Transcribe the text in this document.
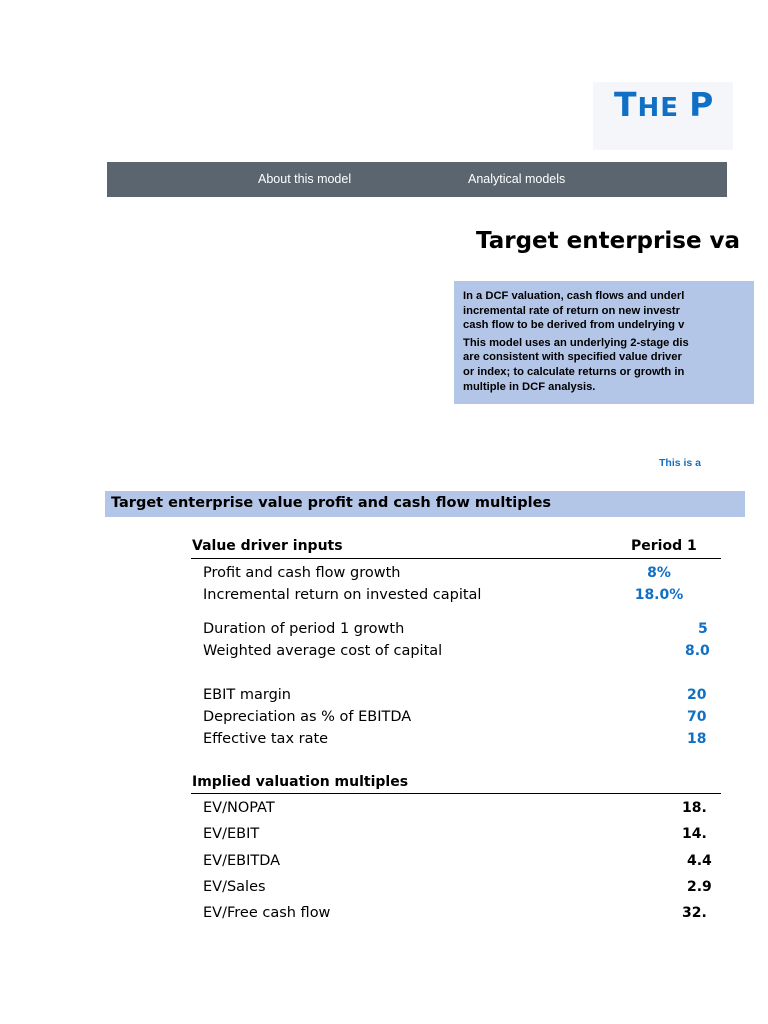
THE P
About this model	Analytical models
Target enterprise va

In a DCF valuation, cash flows and underl

incremental rate of return on new investr

cash flow to be derived from undelrying v

This model uses an underlying 2-stage dis

are consistent with specified value driver

or index; to calculate returns or growth in

multiple in DCF analysis.

This is a
Target enterprise value profit and cash flow multiples
Value driver inputs	Period 1
Profit and cash flow growth	8%
Incremental return on invested capital	18.0%
Duration of period 1 growth	5
Weighted average cost of capital	8.0
EBIT margin	20
Depreciation as % of EBITDA	70
Effective tax rate	18
Implied valuation multiples
EV/NOPAT	18.
EV/EBIT	14.
EV/EBITDA	4.4
EV/Sales	2.9
EV/Free cash flow	32.
